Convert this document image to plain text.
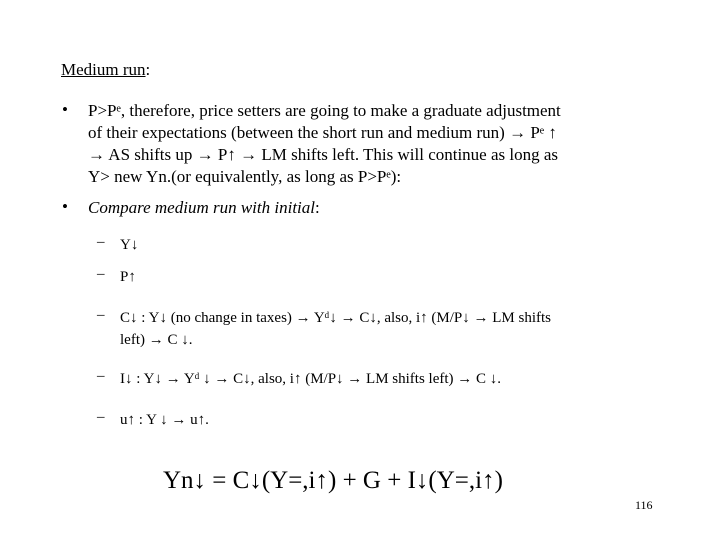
Medium run:
• P>Pᵉ, therefore, price setters are going to make a graduate adjustment
of their expectations (between the short run and medium run) → Pᵉ ↑
→ AS shifts up → P↑ → LM shifts left. This will continue as long as
Y> new Yn.(or equivalently, as long as P>Pᵉ):
• Compare medium run with initial:
– Y↓
– P↑
– C↓ : Y↓ (no change in taxes) → Yᵈ↓ → C↓, also, i↑ (M/P↓ → LM shifts
left) → C ↓.
– I↓ : Y↓ → Yᵈ ↓ → C↓, also, i↑ (M/P↓ → LM shifts left) → C ↓.
– u↑ : Y ↓ → u↑.
Yn↓ = C↓(Y=,i↑) + G + I↓(Y=,i↑)
116
